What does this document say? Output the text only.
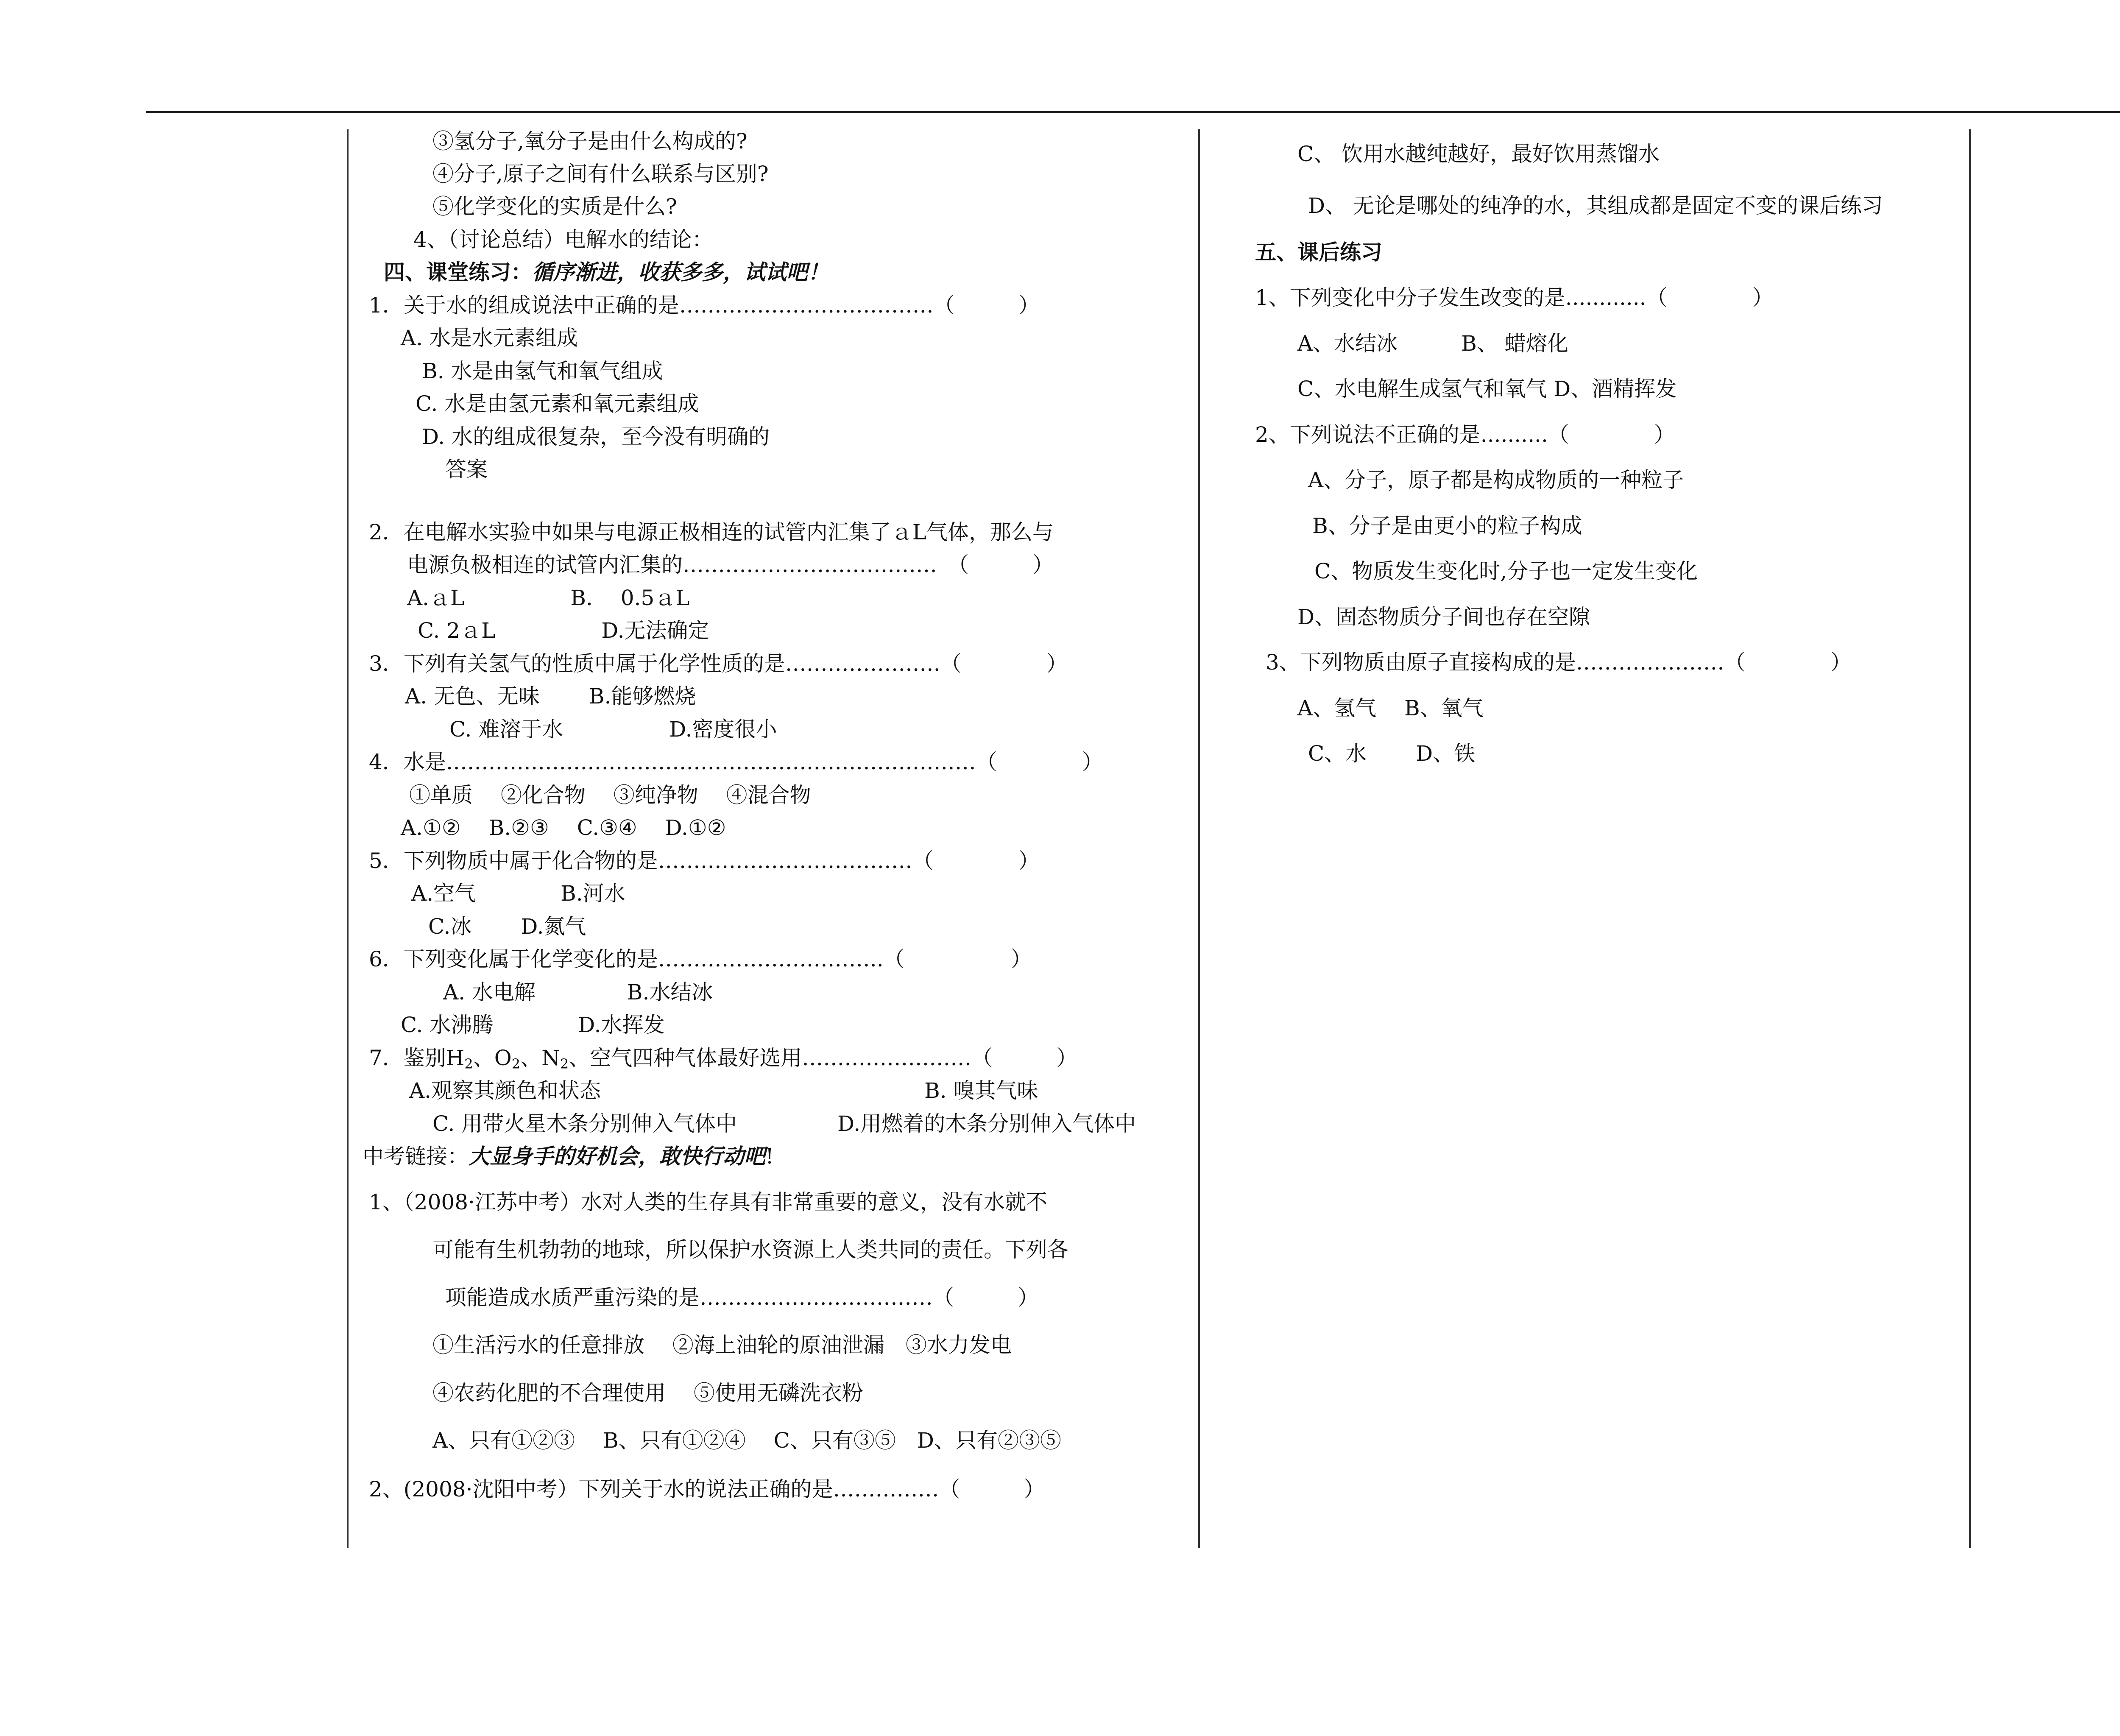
③氢分子,氧分子是由什么构成的?
④分子,原子之间有什么联系与区别?
⑤化学变化的实质是什么?
4、（讨论总结）电解水的结论：
四、课堂练习：循序渐进，收获多多，试试吧！
1．关于水的组成说法中正确的是………………………………（　　　）
A. 水是水元素组成
B. 水是由氢气和氧气组成
C. 水是由氢元素和氧元素组成
D. 水的组成很复杂，至今没有明确的
答案
2．在电解水实验中如果与电源正极相连的试管内汇集了ａL气体，那么与
电源负极相连的试管内汇集的………………………………　（　　　）
A.ａL　　　　　B.　 0.5ａL
C. 2ａL　　　　　D.无法确定
3．下列有关氢气的性质中属于化学性质的是………………….（　　　　）
A. 无色、无味　　 B.能够燃烧
C. 难溶于水　　　　　D.密度很小
4．水是…………………………………………………………………（　　　　）
①单质　 ②化合物　 ③纯净物　 ④混合物
A.①②　 B.②③　 C.③④　 D.①②
5．下列物质中属于化合物的是………………………………（　　　　）
A.空气　　　　B.河水
C.冰　　 D.氮气
6．下列变化属于化学变化的是…………………………..（　　　　　）
A. 水电解　　　　 B.水结冰
C. 水沸腾　　　　D.水挥发
7．鉴别$H_2$、$O_2$、$N_2$、空气四种气体最好选用……………………（　　　）
A.观察其颜色和状态	B. 嗅其气味
C. 用带火星木条分别伸入气体中	D.用燃着的木条分别伸入气体中
中考链接：大显身手的好机会，敢快行动吧!
1、（2008·江苏中考）水对人类的生存具有非常重要的意义，没有水就不
可能有生机勃勃的地球，所以保护水资源上人类共同的责任。下列各
项能造成水质严重污染的是……………………………（　　　）
①生活污水的任意排放　 ②海上油轮的原油泄漏　③水力发电
④农药化肥的不合理使用　 ⑤使用无磷洗衣粉
A、只有①②③　 B、只有①②④　 C、只有③⑤　D、只有②③⑤
2、(2008·沈阳中考）下列关于水的说法正确的是……………（　　　）
C、 饮用水越纯越好，最好饮用蒸馏水
D、 无论是哪处的纯净的水，其组成都是固定不变的课后练习
五、课后练习
1、下列变化中分子发生改变的是............（　　　　）
A、水结冰　　　B、 蜡熔化
C、水电解生成氢气和氧气 D、酒精挥发
2、下列说法不正确的是..........（　　　　）
A、分子，原子都是构成物质的一种粒子
B、分子是由更小的粒子构成
C、物质发生变化时,分子也一定发生变化
D、固态物质分子间也存在空隙
3、下列物质由原子直接构成的是…………………（　　　　）
A、氢气　 B、氧气
C、水　　 D、铁
